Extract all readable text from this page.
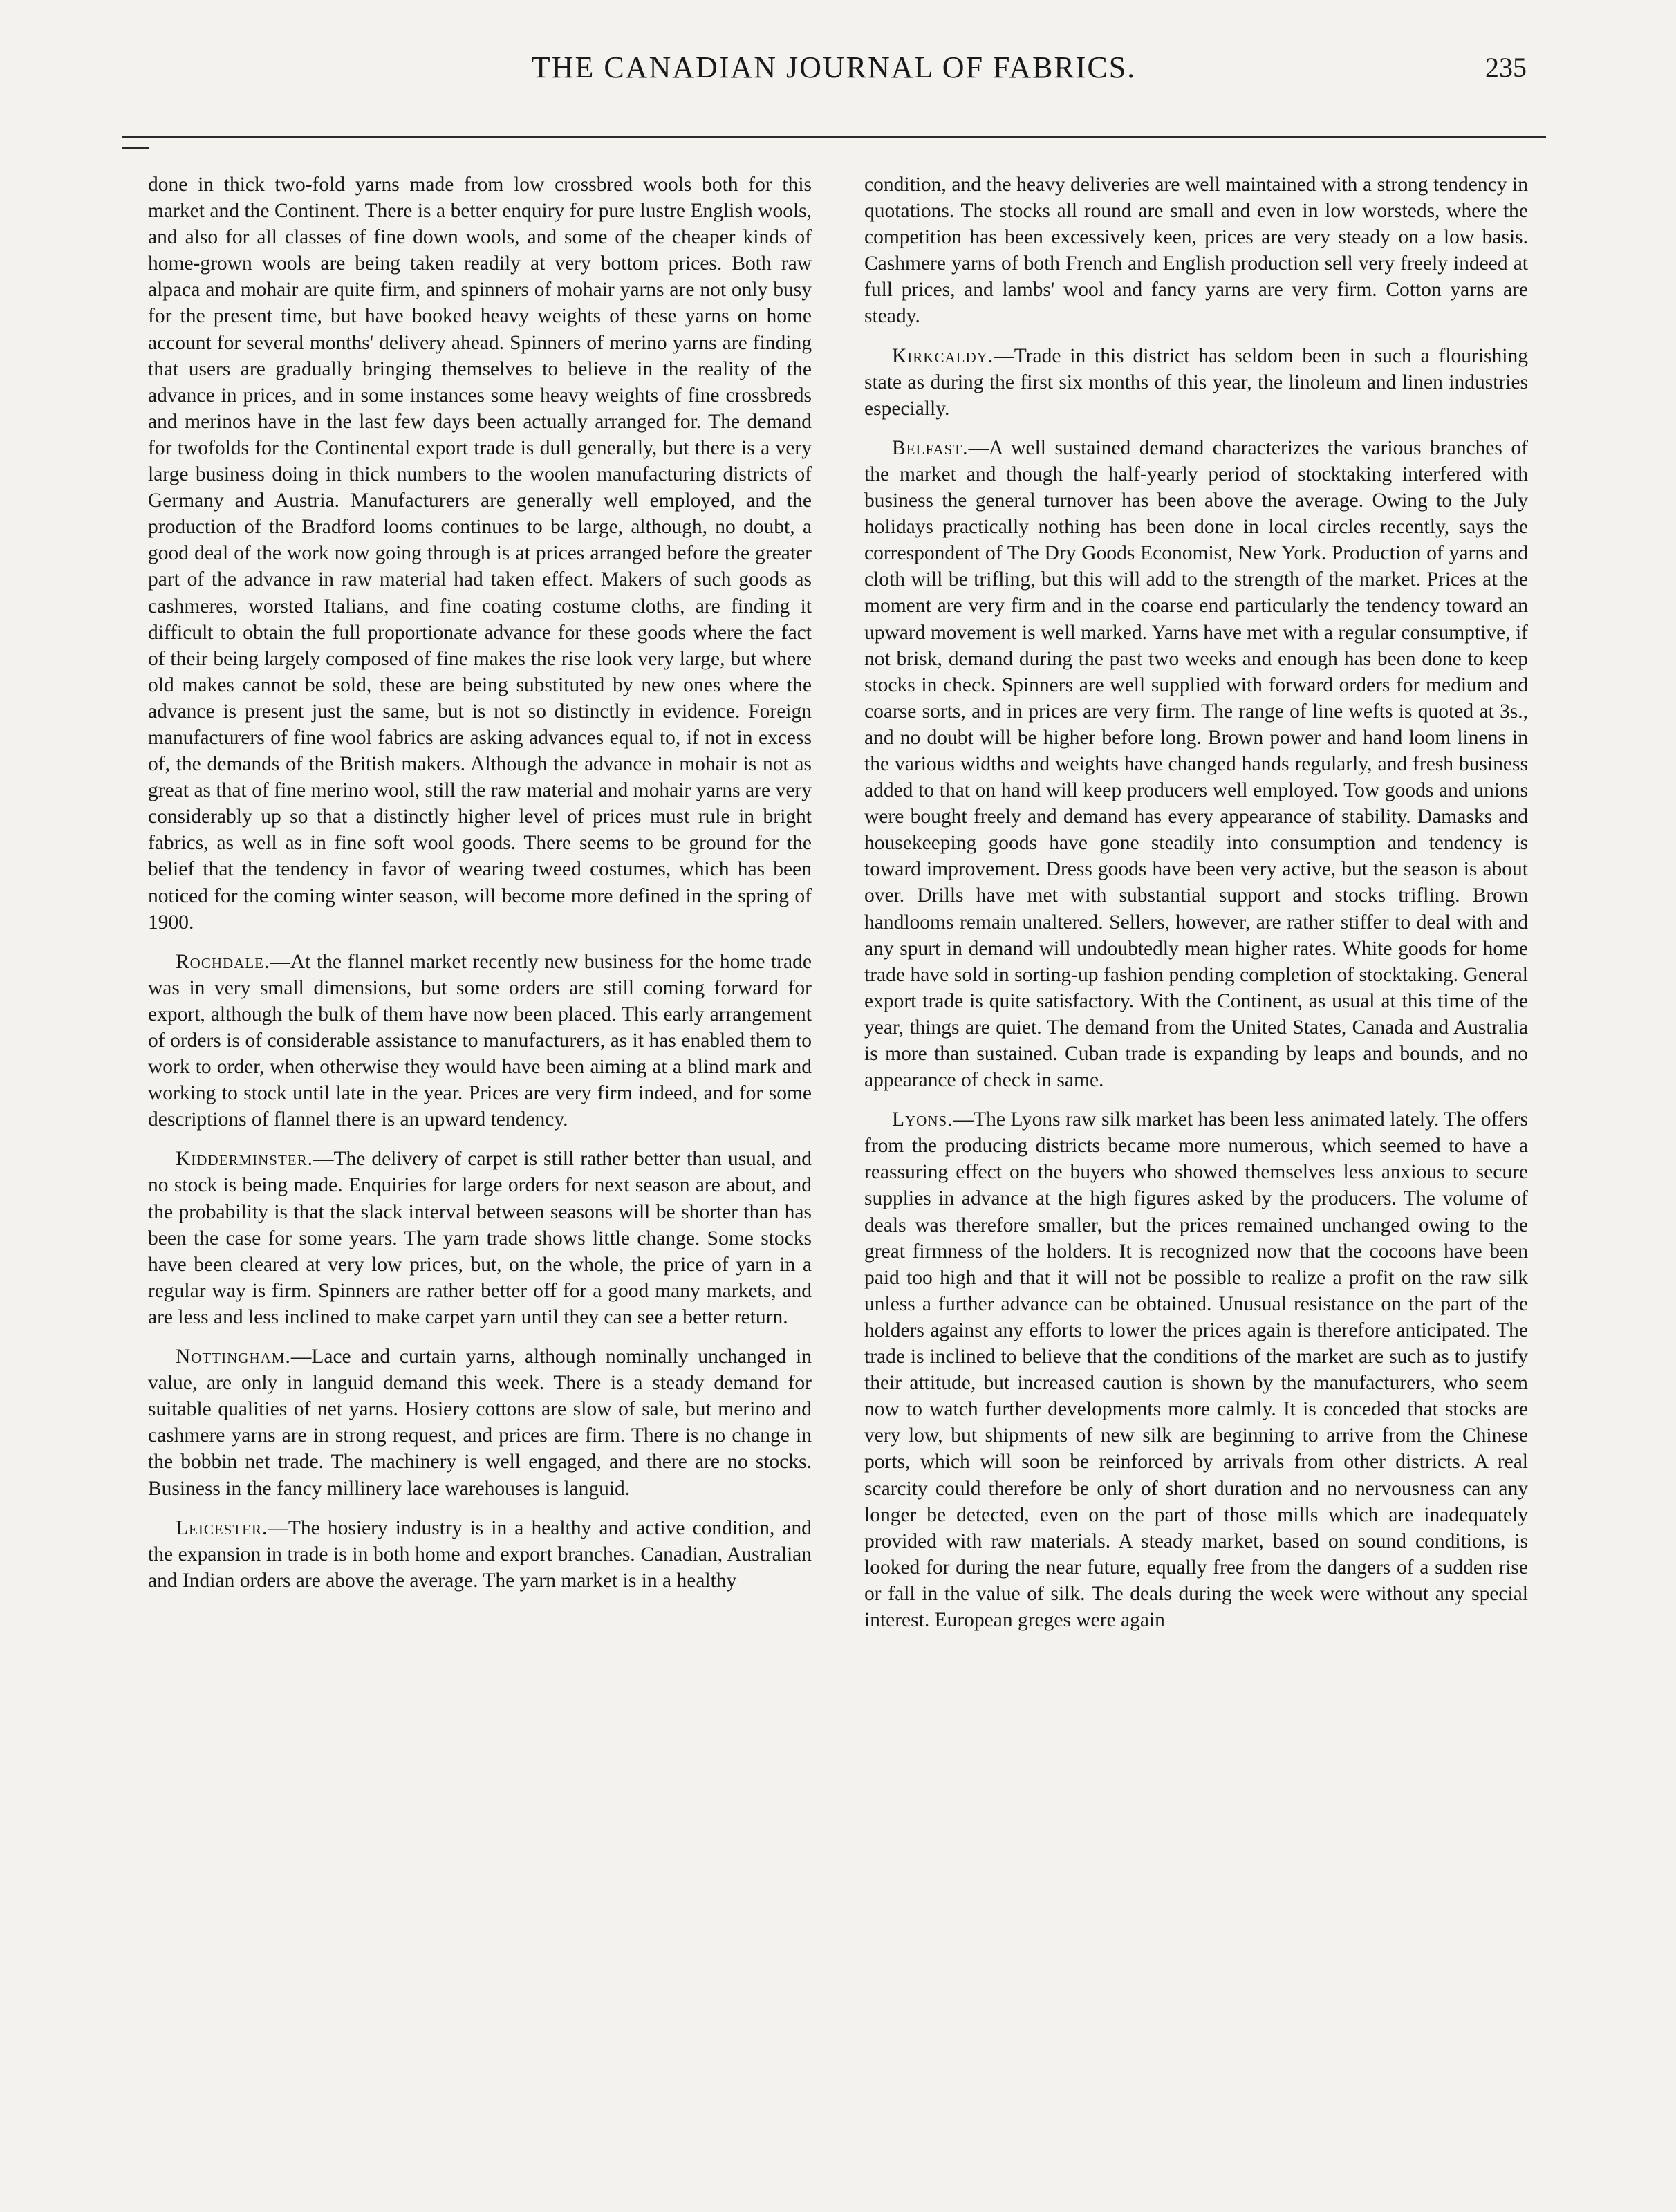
THE CANADIAN JOURNAL OF FABRICS.	235

done in thick two-fold yarns made from low crossbred wools both for this market and the Continent. There is a better enquiry for pure lustre English wools, and also for all classes of fine down wools, and some of the cheaper kinds of home-grown wools are being taken readily at very bottom prices. Both raw alpaca and mohair are quite firm, and spinners of mohair yarns are not only busy for the present time, but have booked heavy weights of these yarns on home account for several months' delivery ahead. Spinners of merino yarns are finding that users are gradually bringing themselves to believe in the reality of the advance in prices, and in some instances some heavy weights of fine crossbreds and merinos have in the last few days been actually arranged for. The demand for twofolds for the Continental export trade is dull generally, but there is a very large business doing in thick numbers to the woolen manufacturing districts of Germany and Austria. Manufacturers are generally well employed, and the production of the Bradford looms continues to be large, although, no doubt, a good deal of the work now going through is at prices arranged before the greater part of the advance in raw material had taken effect. Makers of such goods as cashmeres, worsted Italians, and fine coating costume cloths, are finding it difficult to obtain the full proportionate advance for these goods where the fact of their being largely composed of fine makes the rise look very large, but where old makes cannot be sold, these are being substituted by new ones where the advance is present just the same, but is not so distinctly in evidence. Foreign manufacturers of fine wool fabrics are asking advances equal to, if not in excess of, the demands of the British makers. Although the advance in mohair is not as great as that of fine merino wool, still the raw material and mohair yarns are very considerably up so that a distinctly higher level of prices must rule in bright fabrics, as well as in fine soft wool goods. There seems to be ground for the belief that the tendency in favor of wearing tweed costumes, which has been noticed for the coming winter season, will become more defined in the spring of 1900.

Rochdale.—At the flannel market recently new business for the home trade was in very small dimensions, but some orders are still coming forward for export, although the bulk of them have now been placed. This early arrangement of orders is of considerable assistance to manufacturers, as it has enabled them to work to order, when otherwise they would have been aiming at a blind mark and working to stock until late in the year. Prices are very firm indeed, and for some descriptions of flannel there is an upward tendency.

Kidderminster.—The delivery of carpet is still rather better than usual, and no stock is being made. Enquiries for large orders for next season are about, and the probability is that the slack interval between seasons will be shorter than has been the case for some years. The yarn trade shows little change. Some stocks have been cleared at very low prices, but, on the whole, the price of yarn in a regular way is firm. Spinners are rather better off for a good many markets, and are less and less inclined to make carpet yarn until they can see a better return.

Nottingham.—Lace and curtain yarns, although nominally unchanged in value, are only in languid demand this week. There is a steady demand for suitable qualities of net yarns. Hosiery cottons are slow of sale, but merino and cashmere yarns are in strong request, and prices are firm. There is no change in the bobbin net trade. The machinery is well engaged, and there are no stocks. Business in the fancy millinery lace warehouses is languid.

Leicester.—The hosiery industry is in a healthy and active condition, and the expansion in trade is in both home and export branches. Canadian, Australian and Indian orders are above the average. The yarn market is in a healthy

condition, and the heavy deliveries are well maintained with a strong tendency in quotations. The stocks all round are small and even in low worsteds, where the competition has been excessively keen, prices are very steady on a low basis. Cashmere yarns of both French and English production sell very freely indeed at full prices, and lambs' wool and fancy yarns are very firm. Cotton yarns are steady.

Kirkcaldy.—Trade in this district has seldom been in such a flourishing state as during the first six months of this year, the linoleum and linen industries especially.

Belfast.—A well sustained demand characterizes the various branches of the market and though the half-yearly period of stocktaking interfered with business the general turnover has been above the average. Owing to the July holidays practically nothing has been done in local circles recently, says the correspondent of The Dry Goods Economist, New York. Production of yarns and cloth will be trifling, but this will add to the strength of the market. Prices at the moment are very firm and in the coarse end particularly the tendency toward an upward movement is well marked. Yarns have met with a regular consumptive, if not brisk, demand during the past two weeks and enough has been done to keep stocks in check. Spinners are well supplied with forward orders for medium and coarse sorts, and in prices are very firm. The range of line wefts is quoted at 3s., and no doubt will be higher before long. Brown power and hand loom linens in the various widths and weights have changed hands regularly, and fresh business added to that on hand will keep producers well employed. Tow goods and unions were bought freely and demand has every appearance of stability. Damasks and housekeeping goods have gone steadily into consumption and tendency is toward improvement. Dress goods have been very active, but the season is about over. Drills have met with substantial support and stocks trifling. Brown handlooms remain unaltered. Sellers, however, are rather stiffer to deal with and any spurt in demand will undoubtedly mean higher rates. White goods for home trade have sold in sorting-up fashion pending completion of stocktaking. General export trade is quite satisfactory. With the Continent, as usual at this time of the year, things are quiet. The demand from the United States, Canada and Australia is more than sustained. Cuban trade is expanding by leaps and bounds, and no appearance of check in same.

Lyons.—The Lyons raw silk market has been less animated lately. The offers from the producing districts became more numerous, which seemed to have a reassuring effect on the buyers who showed themselves less anxious to secure supplies in advance at the high figures asked by the producers. The volume of deals was therefore smaller, but the prices remained unchanged owing to the great firmness of the holders. It is recognized now that the cocoons have been paid too high and that it will not be possible to realize a profit on the raw silk unless a further advance can be obtained. Unusual resistance on the part of the holders against any efforts to lower the prices again is therefore anticipated. The trade is inclined to believe that the conditions of the market are such as to justify their attitude, but increased caution is shown by the manufacturers, who seem now to watch further developments more calmly. It is conceded that stocks are very low, but shipments of new silk are beginning to arrive from the Chinese ports, which will soon be reinforced by arrivals from other districts. A real scarcity could therefore be only of short duration and no nervousness can any longer be detected, even on the part of those mills which are inadequately provided with raw materials. A steady market, based on sound conditions, is looked for during the near future, equally free from the dangers of a sudden rise or fall in the value of silk. The deals during the week were without any special interest. European greges were again
